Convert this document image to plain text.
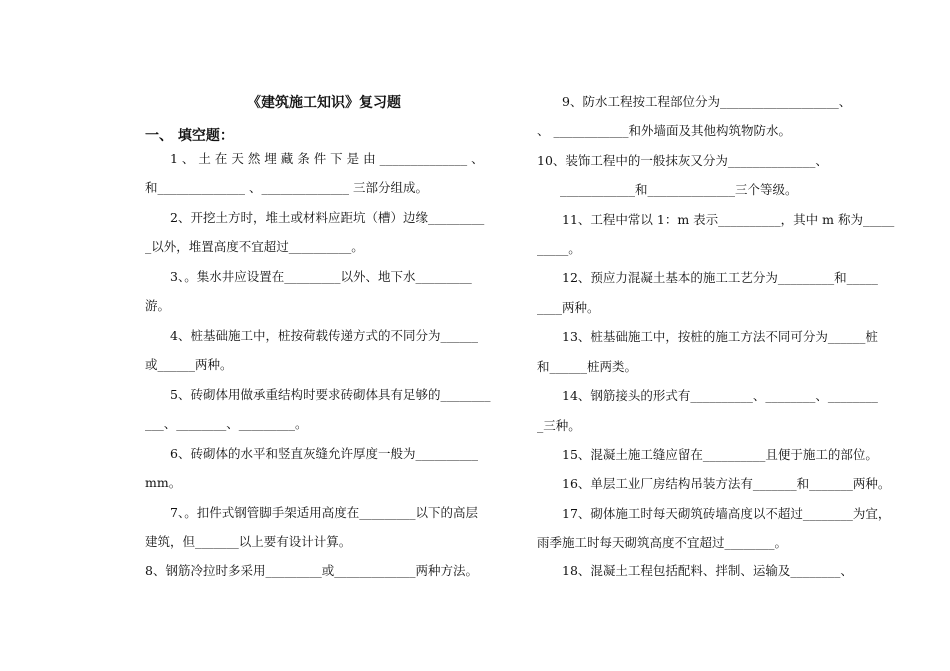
《建筑施工知识》复习题
一、 填空题：
1 、 土 在 天 然 埋 藏 条 件 下 是 由 ______________ 、
和______________ 、______________ 三部分组成。
2、开挖土方时，堆土或材料应距坑（槽）边缘_________
_以外，堆置高度不宜超过__________。
3、。集水井应设置在_________以外、地下水_________
游。
4、桩基础施工中，桩按荷载传递方式的不同分为______
或______两种。
5、砖砌体用做承重结构时要求砖砌体具有足够的________
___、________、_________。
6、砖砌体的水平和竖直灰缝允许厚度一般为__________
mm。
7、。扣件式钢管脚手架适用高度在_________以下的高层
建筑，但_______以上要有设计计算。
8、钢筋冷拉时多采用_________或_____________两种方法。
9、防水工程按工程部位分为___________________、
、 ____________和外墙面及其他构筑物防水。
10、装饰工程中的一般抹灰又分为______________、
____________和______________三个等级。
11、工程中常以 1：m 表示__________，其中 m 称为_____
_____。
12、预应力混凝土基本的施工工艺分为_________和_____
____两种。
13、桩基础施工中，按桩的施工方法不同可分为______桩
和______桩两类。
14、钢筋接头的形式有__________、________、________
_三种。
15、混凝土施工缝应留在__________且便于施工的部位。
16、单层工业厂房结构吊装方法有_______和_______两种。
17、砌体施工时每天砌筑砖墙高度以不超过________为宜，
雨季施工时每天砌筑高度不宜超过________。
18、混凝土工程包括配料、拌制、运输及________、
